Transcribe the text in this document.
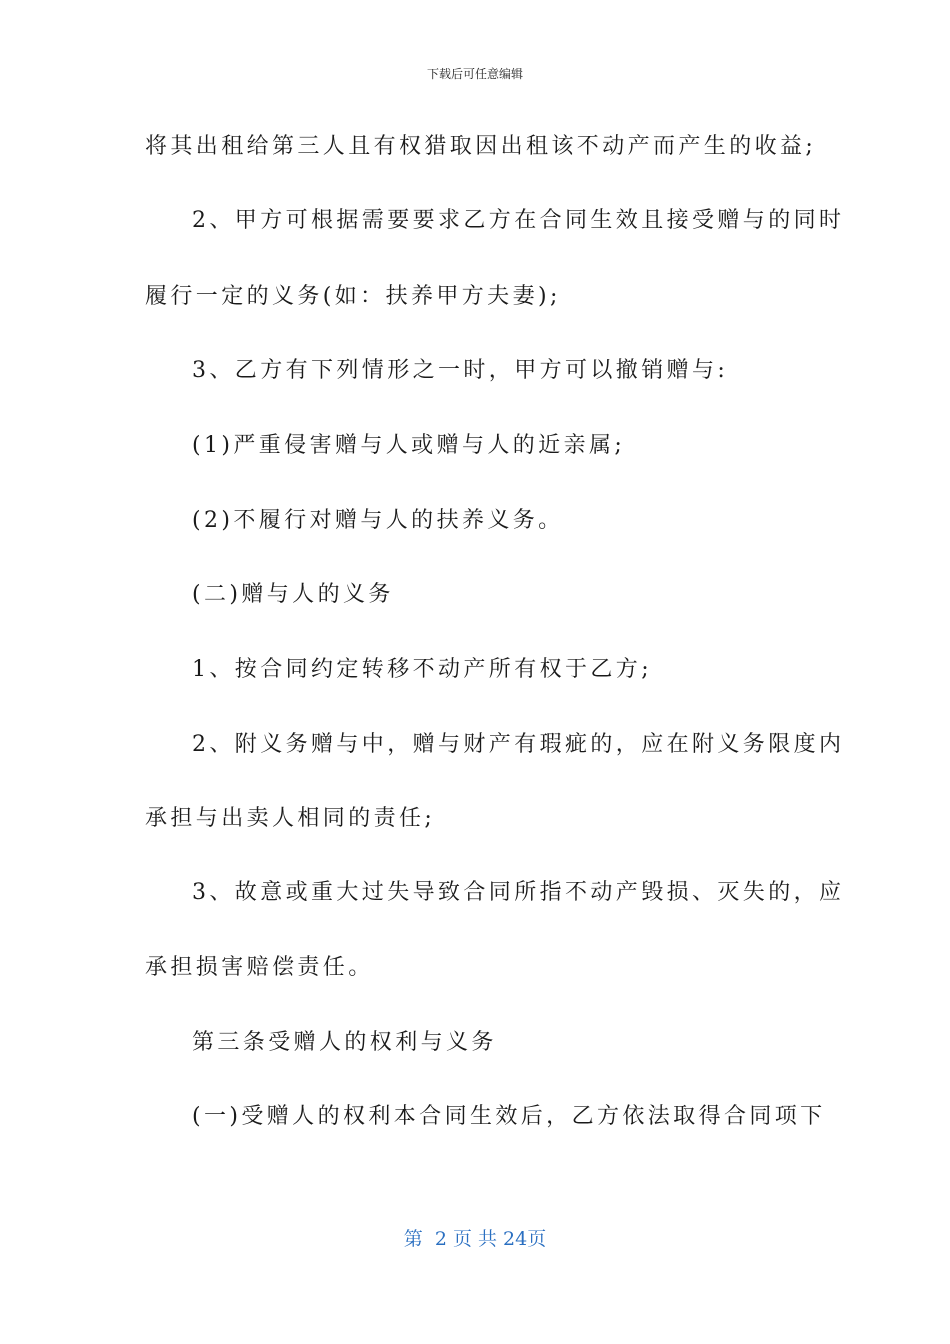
下载后可任意编辑
将其出租给第三人且有权猎取因出租该不动产而产生的收益;
2、甲方可根据需要要求乙方在合同生效且接受赠与的同时
履行一定的义务(如：扶养甲方夫妻);
3、乙方有下列情形之一时，甲方可以撤销赠与:
(1)严重侵害赠与人或赠与人的近亲属;
(2)不履行对赠与人的扶养义务。
(二)赠与人的义务
1、按合同约定转移不动产所有权于乙方;
2、附义务赠与中，赠与财产有瑕疵的，应在附义务限度内
承担与出卖人相同的责任;
3、故意或重大过失导致合同所指不动产毁损、灭失的，应
承担损害赔偿责任。
第三条受赠人的权利与义务
(一)受赠人的权利本合同生效后，乙方依法取得合同项下
第  2 页 共 24页
